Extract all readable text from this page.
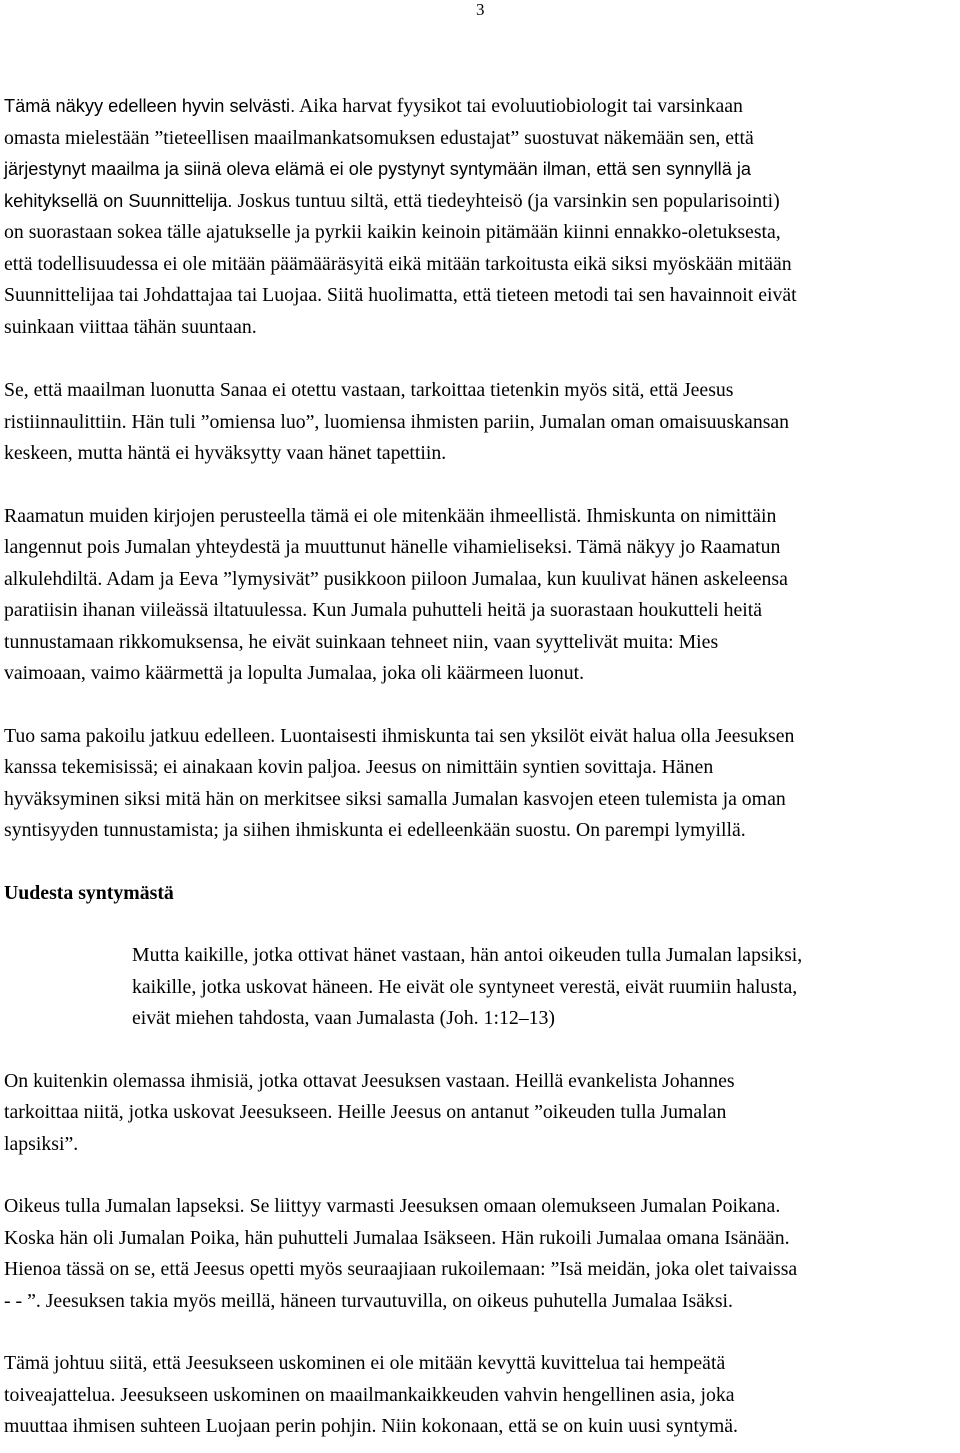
3
Tämä näkyy edelleen hyvin selvästi. Aika harvat fyysikot tai evoluutiobiologit tai varsinkaan
omasta mielestään ”tieteellisen maailmankatsomuksen edustajat” suostuvat näkemään sen, että
järjestynyt maailma ja siinä oleva elämä ei ole pystynyt syntymään ilman, että sen synnyllä ja
kehityksellä on Suunnittelija. Joskus tuntuu siltä, että tiedeyhteisö (ja varsinkin sen popularisointi)
on suorastaan sokea tälle ajatukselle ja pyrkii kaikin keinoin pitämään kiinni ennakko-oletuksesta,
että todellisuudessa ei ole mitään päämääräsyitä eikä mitään tarkoitusta eikä siksi myöskään mitään
Suunnittelijaa tai Johdattajaa tai Luojaa. Siitä huolimatta, että tieteen metodi tai sen havainnoit eivät
suinkaan viittaa tähän suuntaan.
Se, että maailman luonutta Sanaa ei otettu vastaan, tarkoittaa tietenkin myös sitä, että Jeesus
ristiinnaulittiin. Hän tuli ”omiensa luo”, luomiensa ihmisten pariin, Jumalan oman omaisuuskansan
keskeen, mutta häntä ei hyväksytty vaan hänet tapettiin.
Raamatun muiden kirjojen perusteella tämä ei ole mitenkään ihmeellistä. Ihmiskunta on nimittäin
langennut pois Jumalan yhteydestä ja muuttunut hänelle vihamieliseksi. Tämä näkyy jo Raamatun
alkulehdiltä. Adam ja Eeva ”lymysivät” pusikkoon piiloon Jumalaa, kun kuulivat hänen askeleensa
paratiisin ihanan viileässä iltatuulessa. Kun Jumala puhutteli heitä ja suorastaan houkutteli heitä
tunnustamaan rikkomuksensa, he eivät suinkaan tehneet niin, vaan syyttelivät muita: Mies
vaimoaan, vaimo käärmettä ja lopulta Jumalaa, joka oli käärmeen luonut.
Tuo sama pakoilu jatkuu edelleen. Luontaisesti ihmiskunta tai sen yksilöt eivät halua olla Jeesuksen
kanssa tekemisissä; ei ainakaan kovin paljoa. Jeesus on nimittäin syntien sovittaja. Hänen
hyväksyminen siksi mitä hän on merkitsee siksi samalla Jumalan kasvojen eteen tulemista ja oman
syntisyyden tunnustamista; ja siihen ihmiskunta ei edelleenkään suostu. On parempi lymyillä.
Uudesta syntymästä
Mutta kaikille, jotka ottivat hänet vastaan, hän antoi oikeuden tulla Jumalan lapsiksi,
kaikille, jotka uskovat häneen. He eivät ole syntyneet verestä, eivät ruumiin halusta,
eivät miehen tahdosta, vaan Jumalasta (Joh. 1:12–13)
On kuitenkin olemassa ihmisiä, jotka ottavat Jeesuksen vastaan. Heillä evankelista Johannes
tarkoittaa niitä, jotka uskovat Jeesukseen. Heille Jeesus on antanut ”oikeuden tulla Jumalan
lapsiksi”.
Oikeus tulla Jumalan lapseksi. Se liittyy varmasti Jeesuksen omaan olemukseen Jumalan Poikana.
Koska hän oli Jumalan Poika, hän puhutteli Jumalaa Isäkseen. Hän rukoili Jumalaa omana Isänään.
Hienoa tässä on se, että Jeesus opetti myös seuraajiaan rukoilemaan: ”Isä meidän, joka olet taivaissa
- - ”. Jeesuksen takia myös meillä, häneen turvautuvilla, on oikeus puhutella Jumalaa Isäksi.
Tämä johtuu siitä, että Jeesukseen uskominen ei ole mitään kevyttä kuvittelua tai hempeätä
toiveajattelua. Jeesukseen uskominen on maailmankaikkeuden vahvin hengellinen asia, joka
muuttaa ihmisen suhteen Luojaan perin pohjin. Niin kokonaan, että se on kuin uusi syntymä.
